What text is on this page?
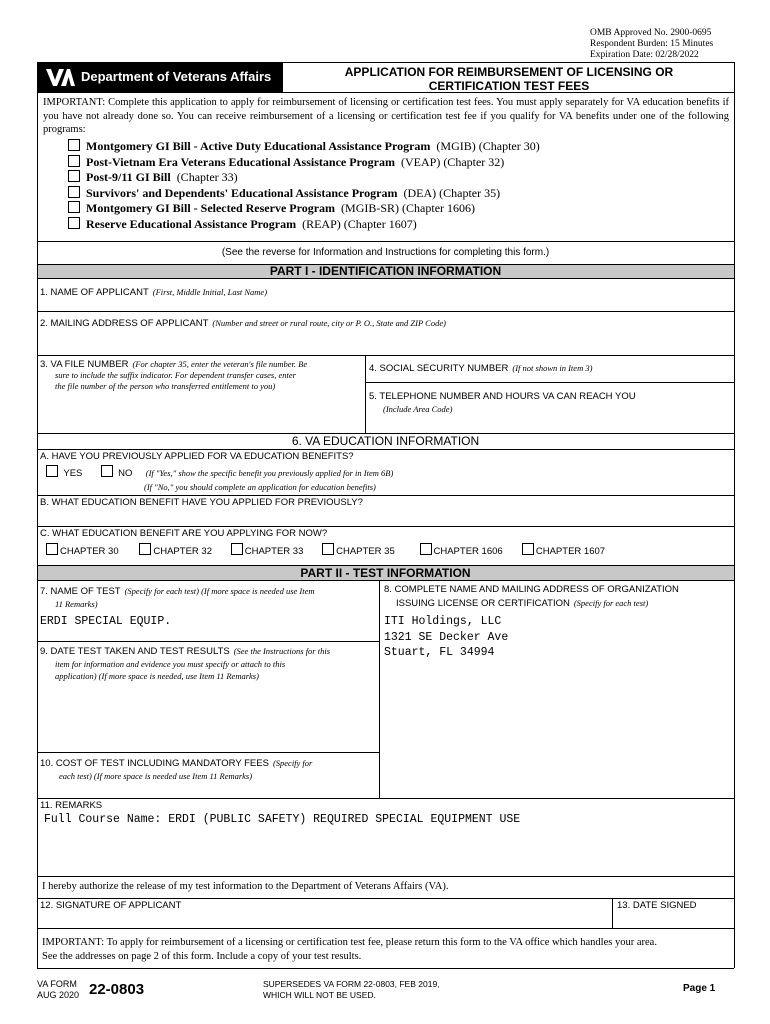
OMB Approved No. 2900-0695
Respondent Burden: 15 Minutes
Expiration Date: 02/28/2022
Department of Veterans Affairs	APPLICATION FOR REIMBURSEMENT OF LICENSING OR
CERTIFICATION TEST FEES
IMPORTANT: Complete this application to apply for reimbursement of licensing or certification test fees. You must apply separately for VA education benefits if you have not already done so. You can receive reimbursement of a licensing or certification test fee if you qualify for VA benefits under one of the following programs:
Montgomery GI Bill - Active Duty Educational Assistance Program (MGIB) (Chapter 30)
Post-Vietnam Era Veterans Educational Assistance Program (VEAP) (Chapter 32)
Post-9/11 GI Bill (Chapter 33)
Survivors' and Dependents' Educational Assistance Program (DEA) (Chapter 35)
Montgomery GI Bill - Selected Reserve Program (MGIB-SR) (Chapter 1606)
Reserve Educational Assistance Program (REAP) (Chapter 1607)
(See the reverse for Information and Instructions for completing this form.)
PART I - IDENTIFICATION INFORMATION
1. NAME OF APPLICANT (First, Middle Initial, Last Name)
2. MAILING ADDRESS OF APPLICANT (Number and street or rural route, city or P. O., State and ZIP Code)
3. VA FILE NUMBER (For chapter 35, enter the veteran's file number. Be
sure to include the suffix indicator. For dependent transfer cases, enter
the file number of the person who transferred entitlement to you)
4. SOCIAL SECURITY NUMBER (If not shown in Item 3)
5. TELEPHONE NUMBER AND HOURS VA CAN REACH YOU
(Include Area Code)
6. VA EDUCATION INFORMATION
A. HAVE YOU PREVIOUSLY APPLIED FOR VA EDUCATION BENEFITS?
YES	NO (If "Yes," show the specific benefit you previously applied for in Item 6B)
(If "No," you should complete an application for education benefits)
B. WHAT EDUCATION BENEFIT HAVE YOU APPLIED FOR PREVIOUSLY?
C. WHAT EDUCATION BENEFIT ARE YOU APPLYING FOR NOW?
CHAPTER 30	CHAPTER 32	CHAPTER 33	CHAPTER 35	CHAPTER 1606	CHAPTER 1607
PART II - TEST INFORMATION
7. NAME OF TEST (Specify for each test) (If more space is needed use Item
11 Remarks)
ERDI SPECIAL EQUIP.
8. COMPLETE NAME AND MAILING ADDRESS OF ORGANIZATION
ISSUING LICENSE OR CERTIFICATION (Specify for each test)
ITI Holdings, LLC
1321 SE Decker Ave
Stuart, FL 34994
9. DATE TEST TAKEN AND TEST RESULTS (See the Instructions for this
item for information and evidence you must specify or attach to this
application) (If more space is needed, use Item 11 Remarks)
10. COST OF TEST INCLUDING MANDATORY FEES (Specify for
each test) (If more space is needed use Item 11 Remarks)
11. REMARKS
Full Course Name: ERDI (PUBLIC SAFETY) REQUIRED SPECIAL EQUIPMENT USE
I hereby authorize the release of my test information to the Department of Veterans Affairs (VA).
12. SIGNATURE OF APPLICANT	13. DATE SIGNED
IMPORTANT: To apply for reimbursement of a licensing or certification test fee, please return this form to the VA office which handles your area.
See the addresses on page 2 of this form. Include a copy of your test results.
VA FORM
AUG 2020 22-0803	SUPERSEDES VA FORM 22-0803, FEB 2019,
WHICH WILL NOT BE USED.
Page 1
